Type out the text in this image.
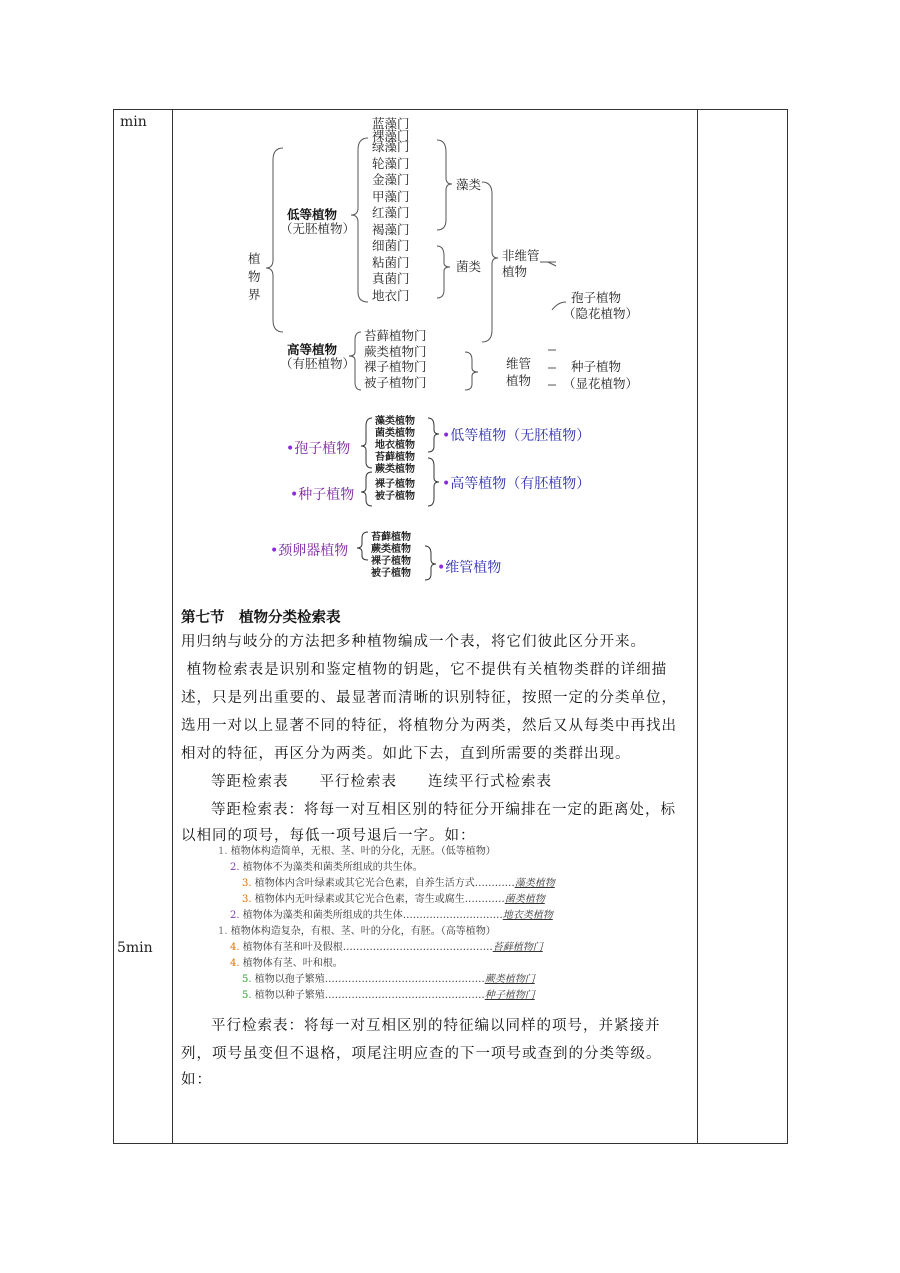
min
5min
植物界
低等植物
（无胚植物）
高等植物
（有胚植物）
蓝藻门
裸藻门
绿藻门
轮藻门
金藻门
甲藻门
红藻门
褐藻门
细菌门
粘菌门
真菌门
地衣门
苔藓植物门
蕨类植物门
裸子植物门
被子植物门
藻类
菌类
非维管
植物
维管
植物
孢子植物
（隐花植物）
种子植物
（显花植物）
•孢子植物
•种子植物
藻类植物
菌类植物
地衣植物
苔藓植物
蕨类植物
裸子植物
被子植物
•低等植物（无胚植物）
•高等植物（有胚植物）
•颈卵器植物
苔藓植物
蕨类植物
裸子植物
被子植物 •维管植物
第七节　植物分类检索表
用归纳与岐分的方法把多种植物编成一个表，将它们彼此区分开来。
植物检索表是识别和鉴定植物的钥匙，它不提供有关植物类群的详细描
述，只是列出重要的、最显著而清晰的识别特征，按照一定的分类单位，
选用一对以上显著不同的特征，将植物分为两类，然后又从每类中再找出
相对的特征，再区分为两类。如此下去，直到所需要的类群出现。
等距检索表　　平行检索表　　连续平行式检索表
等距检索表：将每一对互相区别的特征分开编排在一定的距离处，标
以相同的项号，每低一项号退后一字。如：
1. 植物体构造简单，无根、茎、叶的分化，无胚。（低等植物）
2. 植物体不为藻类和菌类所组成的共生体。
3. 植物体内含叶绿素或其它光合色素，自养生活方式…………藻类植物
3. 植物体内无叶绿素或其它光合色素，寄生或腐生…………菌类植物
2. 植物体为藻类和菌类所组成的共生体…………………………地衣类植物
1. 植物体构造复杂，有根、茎、叶的分化，有胚。（高等植物）
4. 植物体有茎和叶及假根………………………………………苔藓植物门
4. 植物体有茎、叶和根。
5. 植物以孢子繁殖…………………………………………蕨类植物门
5. 植物以种子繁殖…………………………………………种子植物门
平行检索表：将每一对互相区别的特征编以同样的项号，并紧接并
列，项号虽变但不退格，项尾注明应查的下一项号或查到的分类等级。
如：
